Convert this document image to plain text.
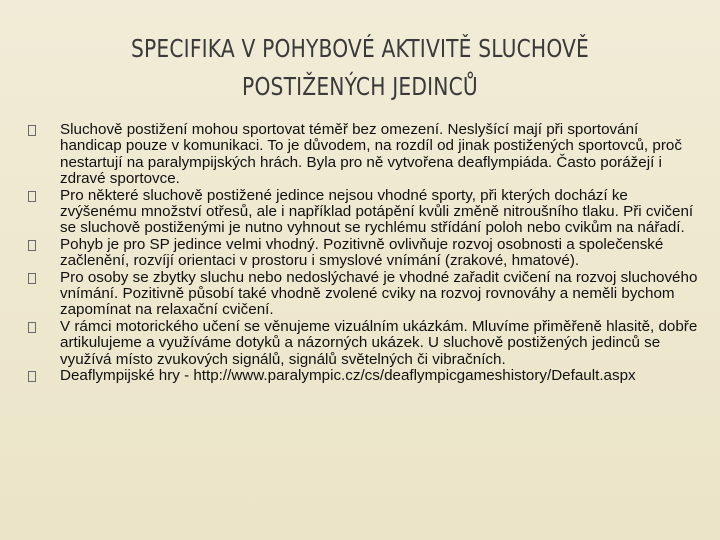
SPECIFIKA V POHYBOVÉ AKTIVITĚ SLUCHOVĚ
POSTIŽENÝCH JEDINCŮ
Sluchově postižení mohou sportovat téměř bez omezení. Neslyšící mají při sportování handicap pouze v komunikaci. To je důvodem, na rozdíl od jinak postižených sportovců, proč nestartují na paralympijských hrách. Byla pro ně vytvořena deaflympiáda. Často porážejí i zdravé sportovce.
Pro některé sluchově postižené jedince nejsou vhodné sporty, při kterých dochází ke zvýšenému množství otřesů, ale i například potápění kvůli změně nitroušního tlaku. Při cvičení se sluchově postiženými je nutno vyhnout se rychlému střídání poloh nebo cvikům na nářadí.
Pohyb je pro SP jedince velmi vhodný. Pozitivně ovlivňuje rozvoj osobnosti a společenské začlenění, rozvíjí orientaci v prostoru i smyslové vnímání (zrakové, hmatové).
Pro osoby se zbytky sluchu nebo nedoslýchavé je vhodné zařadit cvičení na rozvoj sluchového vnímání. Pozitivně působí také vhodně zvolené cviky na rozvoj rovnováhy a neměli bychom zapomínat na relaxační cvičení.
V rámci motorického učení se věnujeme vizuálním ukázkám. Mluvíme přiměřeně hlasitě, dobře artikulujeme a využíváme dotyků a názorných ukázek. U sluchově postižených jedinců se využívá místo zvukových signálů, signálů světelných či vibračních.
Deaflympijské hry - http://www.paralympic.cz/cs/deaflympicgameshistory/Default.aspx
